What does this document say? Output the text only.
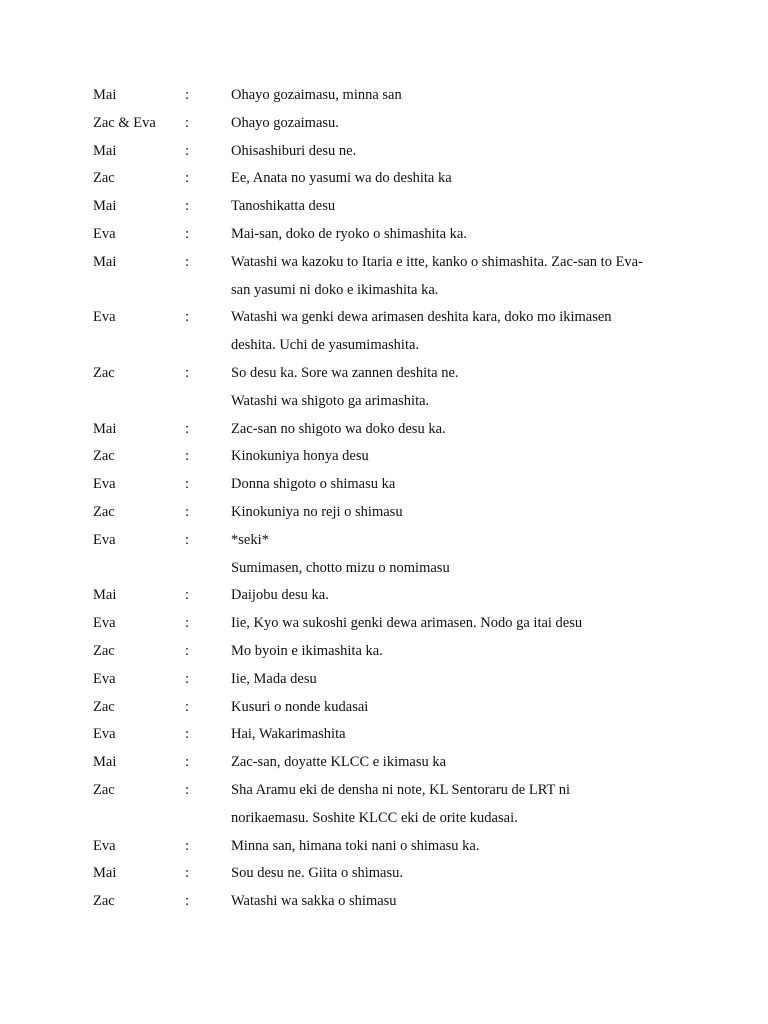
Mai	:	Ohayo gozaimasu, minna san
Zac & Eva	:	Ohayo gozaimasu.
Mai	:	Ohisashiburi desu ne.
Zac	:	Ee, Anata no yasumi wa do deshita ka
Mai	:	Tanoshikatta desu
Eva	:	Mai-san, doko de ryoko o shimashita ka.
Mai	:	Watashi wa kazoku to Itaria e itte, kanko o shimashita. Zac-san to Eva-
san yasumi ni doko e ikimashita ka.
Eva	:	Watashi wa genki dewa arimasen deshita kara, doko mo ikimasen
deshita. Uchi de yasumimashita.
Zac	:	So desu ka. Sore wa zannen deshita ne.
Watashi wa shigoto ga arimashita.
Mai	:	Zac-san no shigoto wa doko desu ka.
Zac	:	Kinokuniya honya desu
Eva	:	Donna shigoto o shimasu ka
Zac	:	Kinokuniya no reji o shimasu
Eva	:	*seki*
Sumimasen, chotto mizu o nomimasu
Mai	:	Daijobu desu ka.
Eva	:	Iie, Kyo wa sukoshi genki dewa arimasen. Nodo ga itai desu
Zac	:	Mo byoin e ikimashita ka.
Eva	:	Iie, Mada desu
Zac	:	Kusuri o nonde kudasai
Eva	:	Hai, Wakarimashita
Mai	:	Zac-san, doyatte KLCC e ikimasu ka
Zac	:	Sha Aramu eki de densha ni note, KL Sentoraru de LRT ni
norikaemasu. Soshite KLCC eki de orite kudasai.
Eva	:	Minna san, himana toki nani o shimasu ka.
Mai	:	Sou desu ne. Giita o shimasu.
Zac	:	Watashi wa sakka o shimasu
